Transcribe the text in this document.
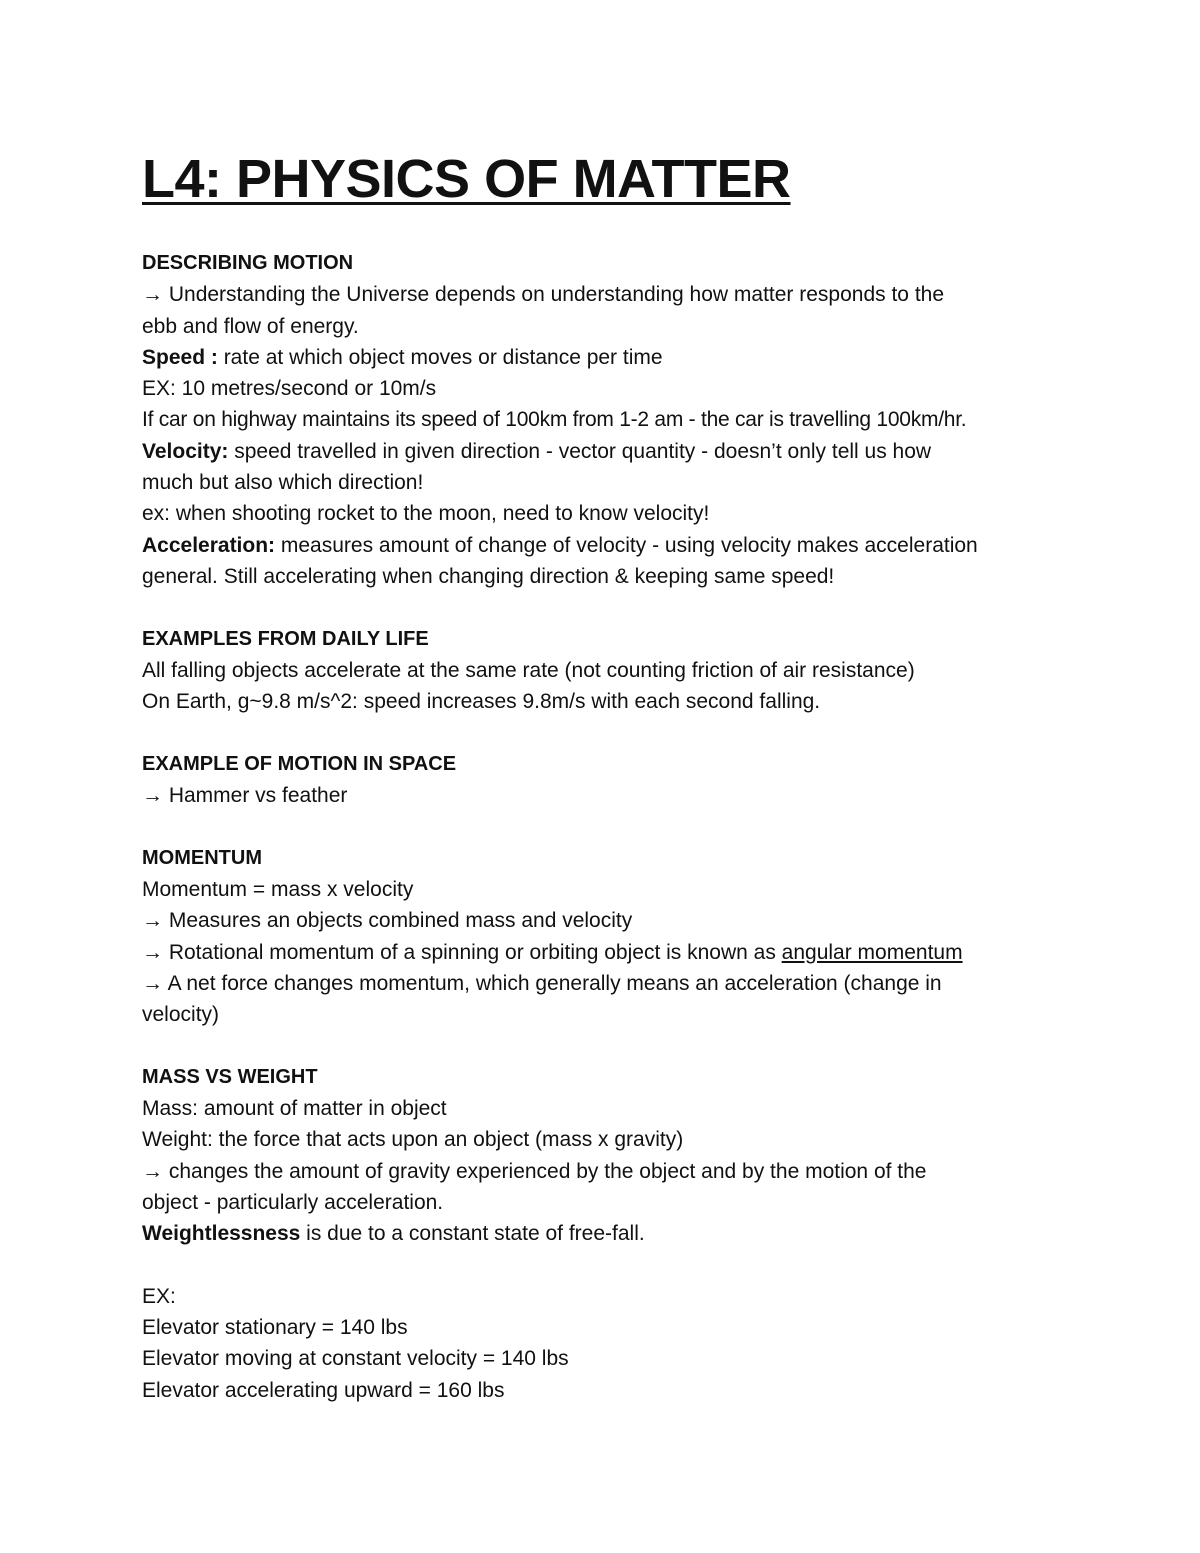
L4: PHYSICS OF MATTER

DESCRIBING MOTION

→ Understanding the Universe depends on understanding how matter responds to the

ebb and flow of energy.

Speed : rate at which object moves or distance per time

EX: 10 metres/second or 10m/s

If car on highway maintains its speed of 100km from 1-2 am - the car is travelling 100km/hr.

Velocity: speed travelled in given direction - vector quantity - doesn’t only tell us how

much but also which direction!

ex: when shooting rocket to the moon, need to know velocity!

Acceleration: measures amount of change of velocity - using velocity makes acceleration

general. Still accelerating when changing direction & keeping same speed!

EXAMPLES FROM DAILY LIFE

All falling objects accelerate at the same rate (not counting friction of air resistance)

On Earth, g~9.8 m/s^2: speed increases 9.8m/s with each second falling.

EXAMPLE OF MOTION IN SPACE

→ Hammer vs feather

MOMENTUM

Momentum = mass x velocity

→ Measures an objects combined mass and velocity

→ Rotational momentum of a spinning or orbiting object is known as angular momentum

→ A net force changes momentum, which generally means an acceleration (change in

velocity)

MASS VS WEIGHT

Mass: amount of matter in object

Weight: the force that acts upon an object (mass x gravity)

→ changes the amount of gravity experienced by the object and by the motion of the

object - particularly acceleration.

Weightlessness is due to a constant state of free-fall.

EX:

Elevator stationary = 140 lbs

Elevator moving at constant velocity = 140 lbs

Elevator accelerating upward = 160 lbs
